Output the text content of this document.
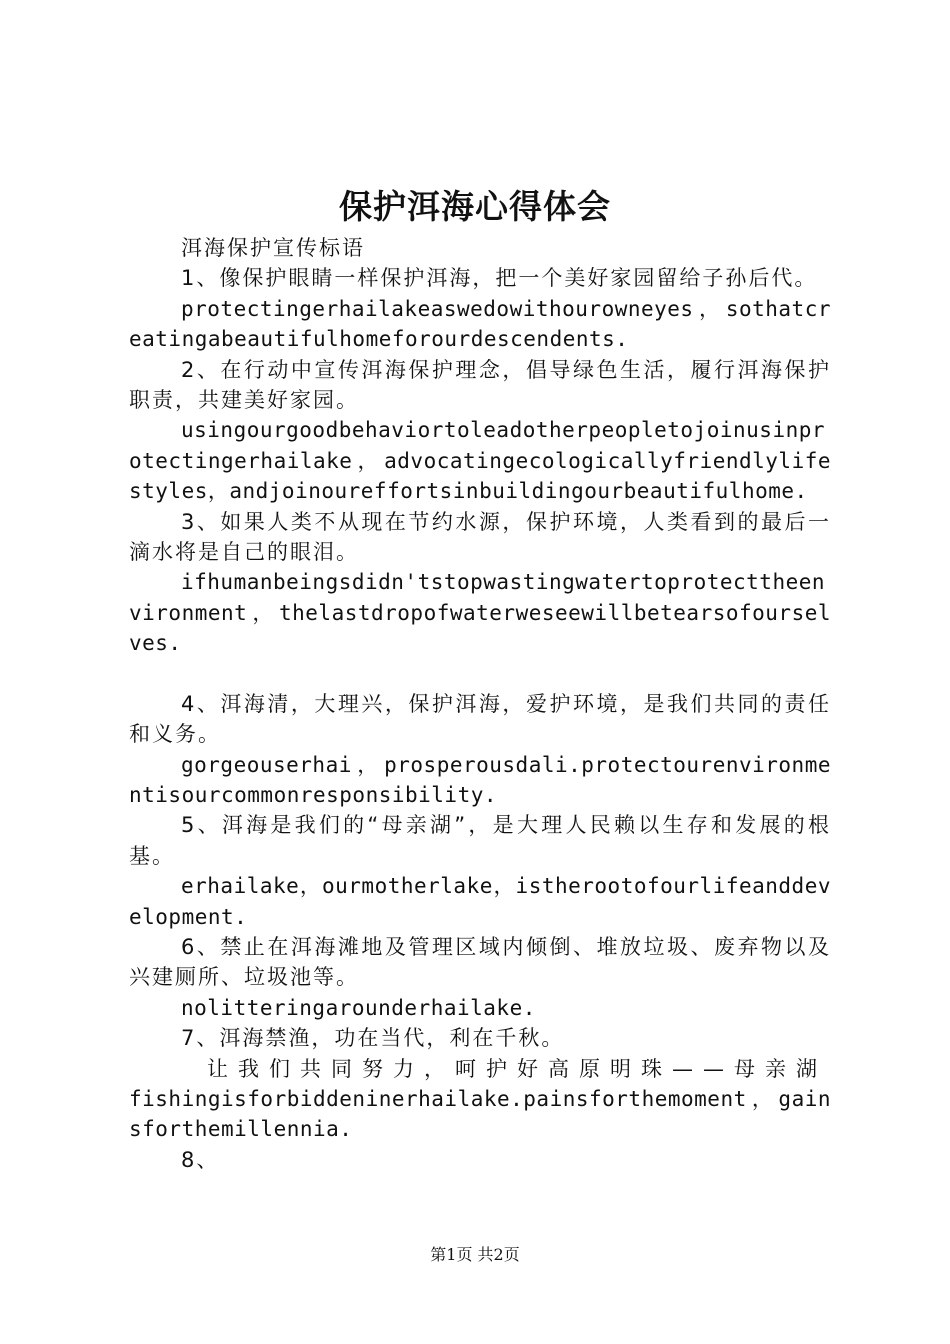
保护洱海心得体会

洱海保护宣传标语

1、像保护眼睛一样保护洱海，把一个美好家园留给子孙后代。

protectingerhailakeaswedowithourowneyes，sothatcreatingabeautifulhomeforourdescendents.

2、在行动中宣传洱海保护理念，倡导绿色生活，履行洱海保护职责，共建美好家园。

usingourgoodbehaviortoleadotherpeopletojoinusinprotectingerhailake，advocatingecologicallyfriendlylifestyles，andjoinoureffortsinbuildingourbeautifulhome.

3、如果人类不从现在节约水源，保护环境，人类看到的最后一滴水将是自己的眼泪。

ifhumanbeingsdidn'tstopwastingwatertoprotecttheenvironment，thelastdropofwaterweseewillbetearsofourselves.

4、洱海清，大理兴，保护洱海，爱护环境，是我们共同的责任和义务。

gorgeouserhai，prosperousdali.protectourenvironmentisourcommonresponsibility.

5、洱海是我们的“母亲湖”，是大理人民赖以生存和发展的根基。

erhailake，ourmotherlake，istherootofourlifeanddevelopment.

6、禁止在洱海滩地及管理区域内倾倒、堆放垃圾、废弃物以及兴建厕所、垃圾池等。

nolitteringarounderhailake.

7、洱海禁渔，功在当代，利在千秋。

让我们共同努力，呵护好高原明珠——母亲湖

fishingisforbiddeninerhailake.painsforthemoment，gainsforthemillennia.

8、

第1页 共2页
